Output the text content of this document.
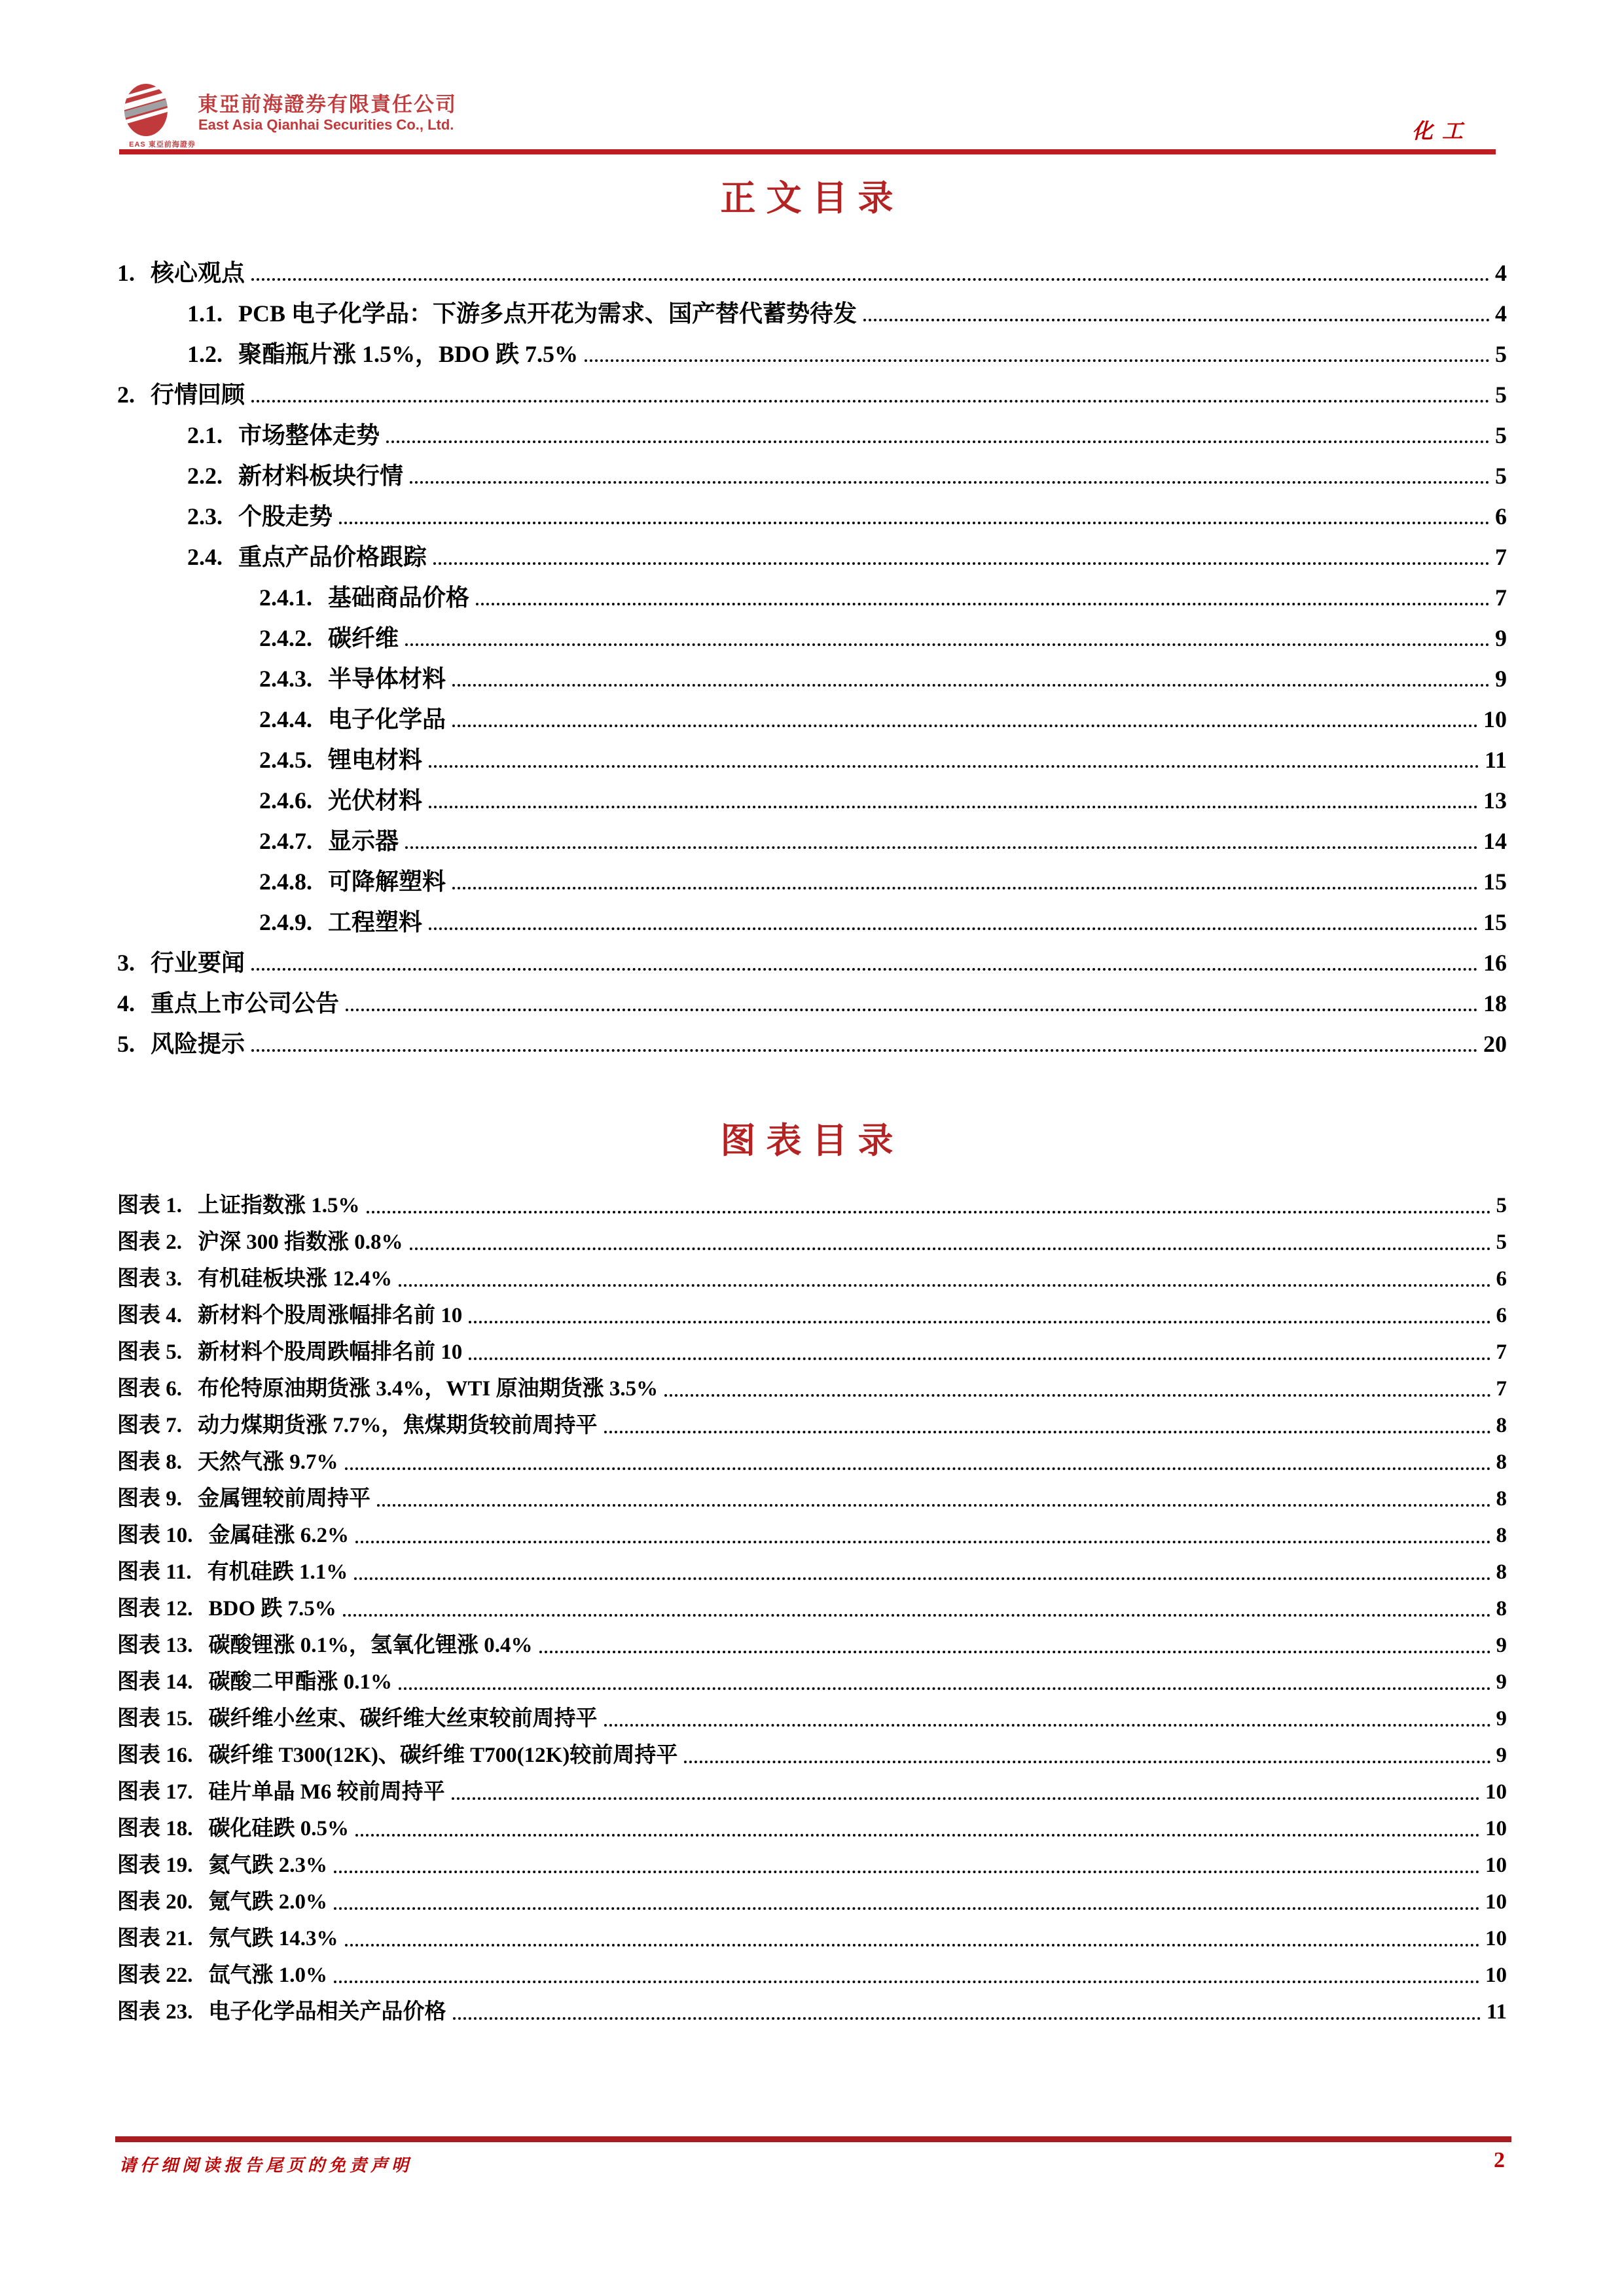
EAS 東亞前海證券
東亞前海證券有限責任公司
East Asia Qianhai Securities Co., Ltd.	化工
正文目录
1. 核心观点	4
1.1. PCB 电子化学品：下游多点开花为需求、国产替代蓄势待发	4
1.2. 聚酯瓶片涨 1.5%，BDO 跌 7.5%	5
2. 行情回顾	5
2.1. 市场整体走势	5
2.2. 新材料板块行情	5
2.3. 个股走势	6
2.4. 重点产品价格跟踪	7
2.4.1. 基础商品价格	7
2.4.2. 碳纤维	9
2.4.3. 半导体材料	9
2.4.4. 电子化学品	10
2.4.5. 锂电材料	11
2.4.6. 光伏材料	13
2.4.7. 显示器	14
2.4.8. 可降解塑料	15
2.4.9. 工程塑料	15
3. 行业要闻	16
4. 重点上市公司公告	18
5. 风险提示	20
图表目录
图表 1. 上证指数涨 1.5%	5
图表 2. 沪深 300 指数涨 0.8%	5
图表 3. 有机硅板块涨 12.4%	6
图表 4. 新材料个股周涨幅排名前 10	6
图表 5. 新材料个股周跌幅排名前 10	7
图表 6. 布伦特原油期货涨 3.4%，WTI 原油期货涨 3.5%	7
图表 7. 动力煤期货涨 7.7%，焦煤期货较前周持平	8
图表 8. 天然气涨 9.7%	8
图表 9. 金属锂较前周持平	8
图表 10. 金属硅涨 6.2%	8
图表 11. 有机硅跌 1.1%	8
图表 12. BDO 跌 7.5%	8
图表 13. 碳酸锂涨 0.1%，氢氧化锂涨 0.4%	9
图表 14. 碳酸二甲酯涨 0.1%	9
图表 15. 碳纤维小丝束、碳纤维大丝束较前周持平	9
图表 16. 碳纤维 T300(12K)、碳纤维 T700(12K)较前周持平	9
图表 17. 硅片单晶 M6 较前周持平	10
图表 18. 碳化硅跌 0.5%	10
图表 19. 氦气跌 2.3%	10
图表 20. 氪气跌 2.0%	10
图表 21. 氖气跌 14.3%	10
图表 22. 氙气涨 1.0%	10
图表 23. 电子化学品相关产品价格	11
请仔细阅读报告尾页的免责声明	2
